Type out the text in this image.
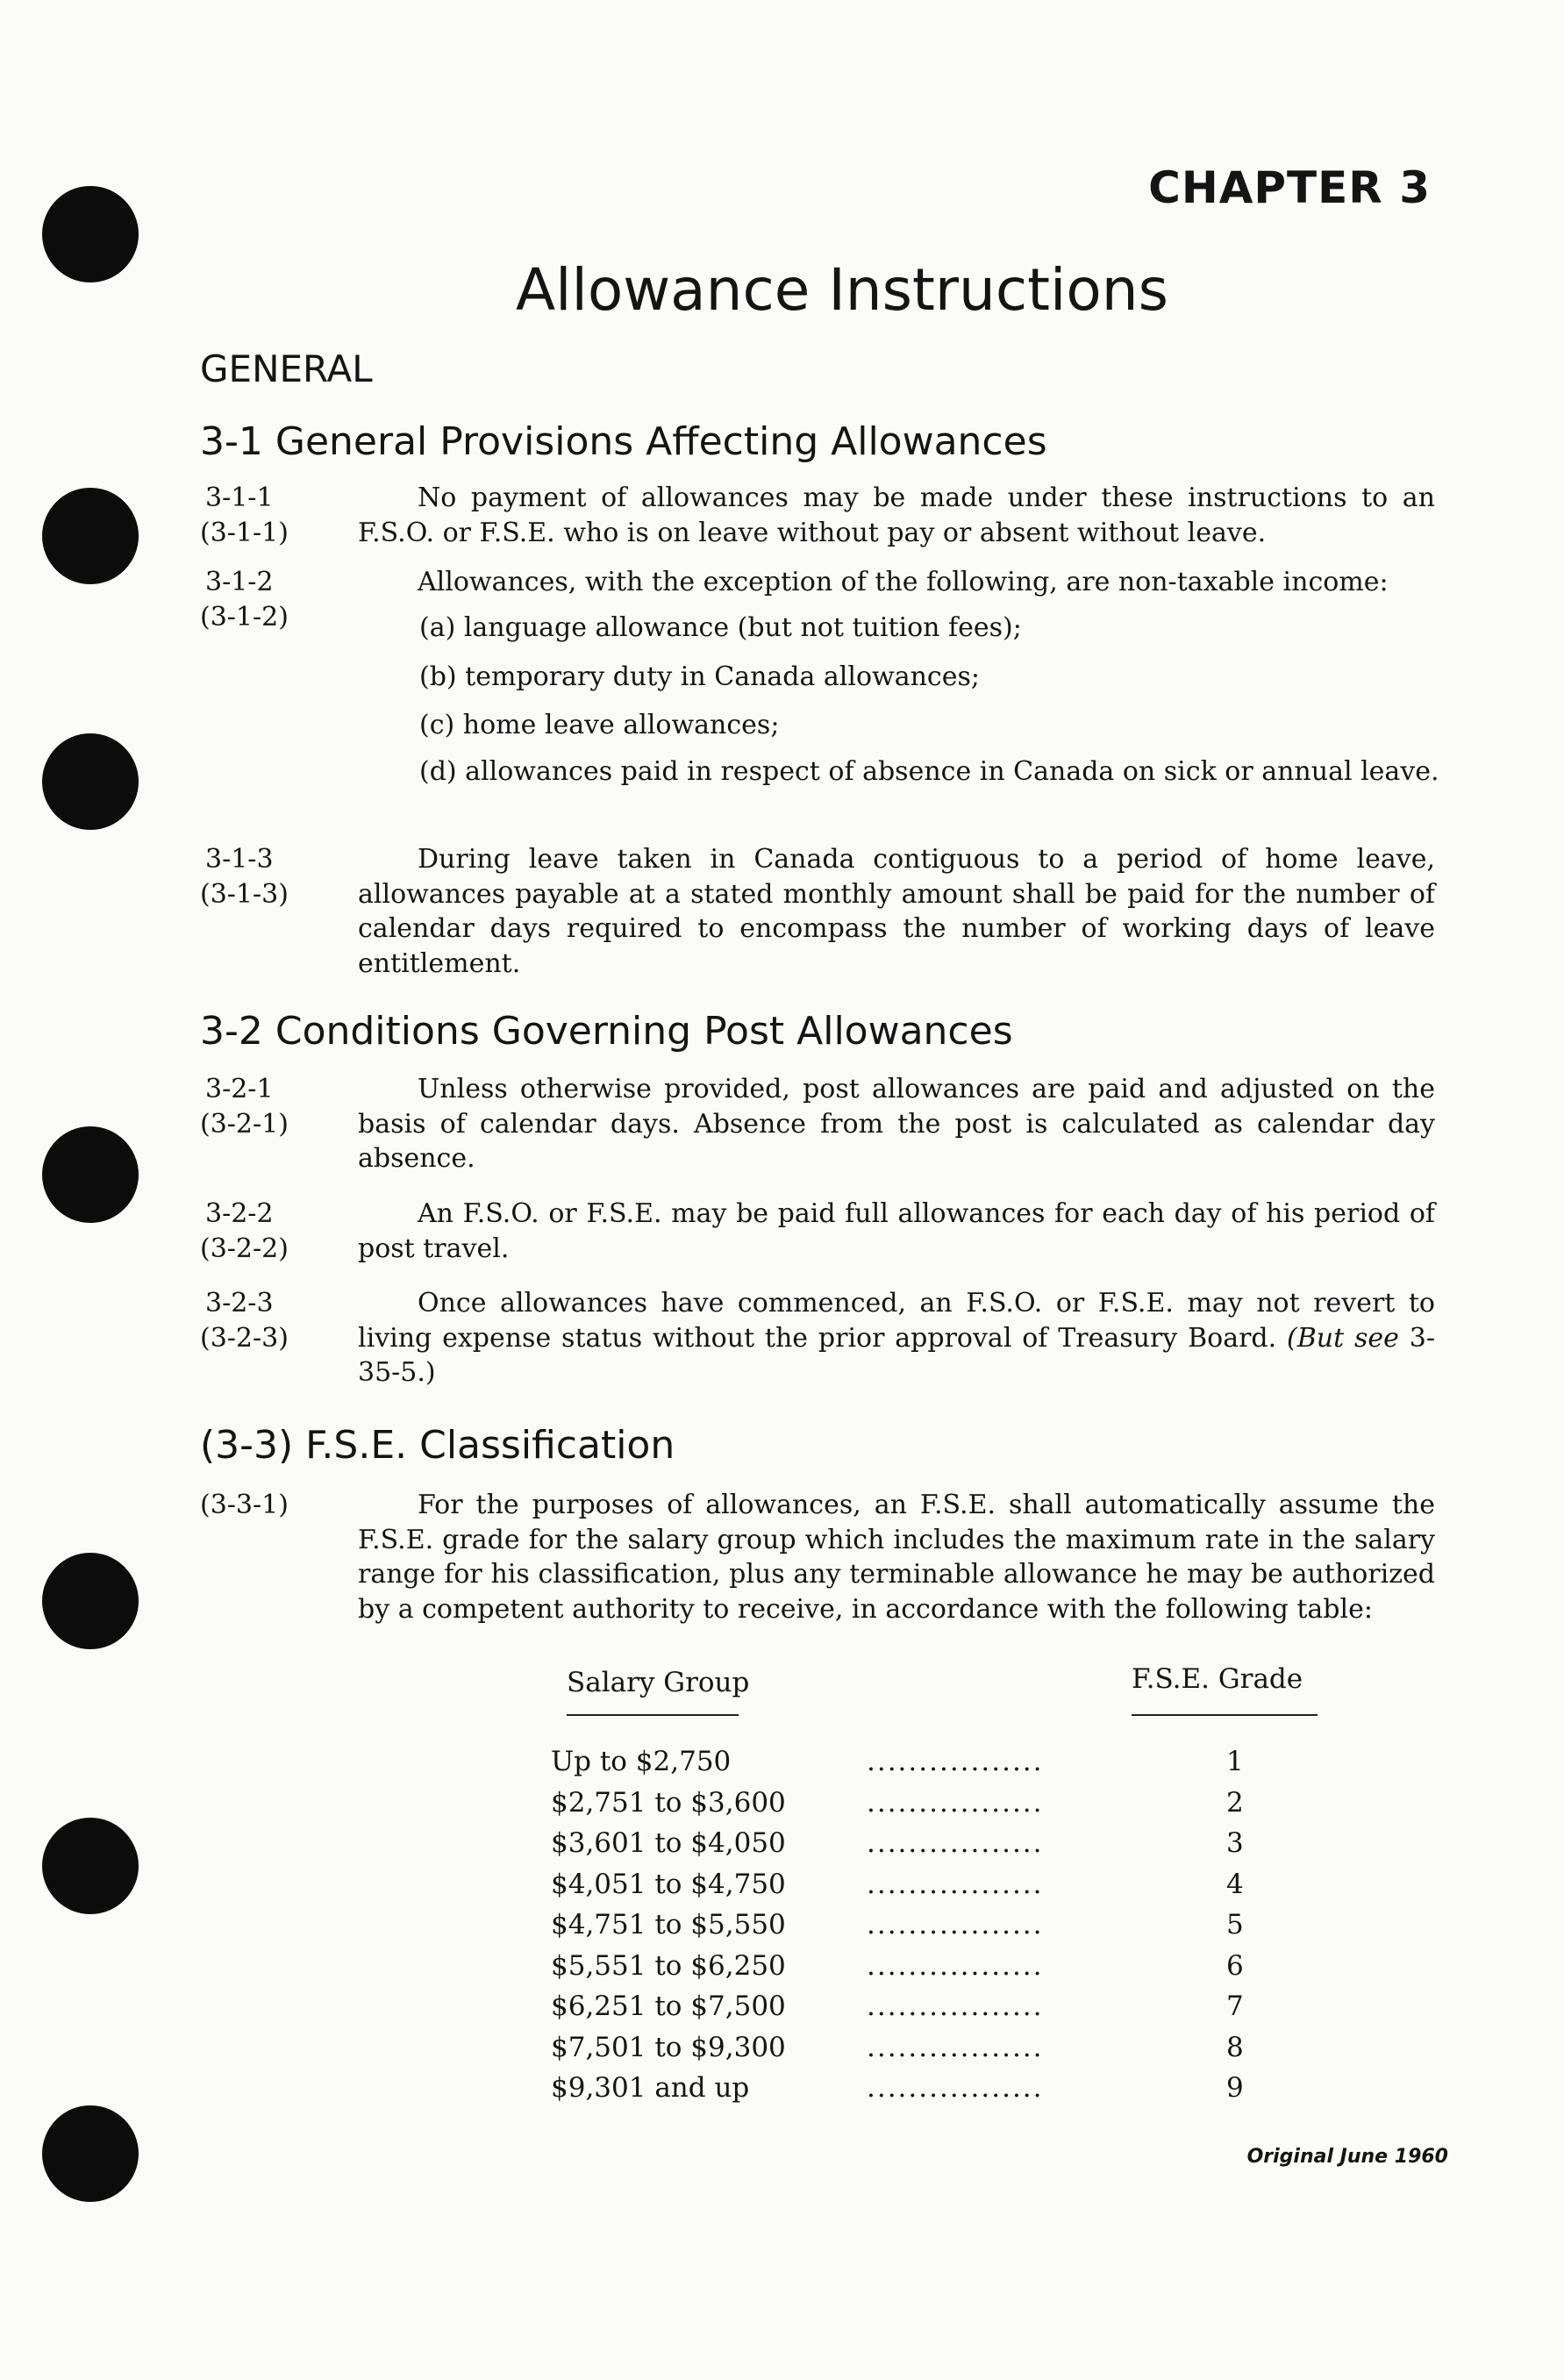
CHAPTER 3
Allowance Instructions
GENERAL
3-1 General Provisions Affecting Allowances
3-1-1
(3-1-1)
No payment of allowances may be made under these instructions to an F.S.O. or F.S.E. who is on leave without pay or absent without leave.
3-1-2
(3-1-2)
Allowances, with the exception of the following, are non-taxable income:
(a) language allowance (but not tuition fees);
(b) temporary duty in Canada allowances;
(c) home leave allowances;
(d) allowances paid in respect of absence in Canada on sick or annual leave.
3-1-3
(3-1-3)
During leave taken in Canada contiguous to a period of home leave, allowances payable at a stated monthly amount shall be paid for the number of calendar days required to encompass the number of working days of leave entitlement.
3-2 Conditions Governing Post Allowances
3-2-1
(3-2-1)
Unless otherwise provided, post allowances are paid and adjusted on the basis of calendar days. Absence from the post is calculated as calendar day absence.
3-2-2
(3-2-2)
An F.S.O. or F.S.E. may be paid full allowances for each day of his period of post travel.
3-2-3
(3-2-3)
Once allowances have commenced, an F.S.O. or F.S.E. may not revert to living expense status without the prior approval of Treasury Board. (But see 3-35-5.)
(3-3) F.S.E. Classification
(3-3-1)	For the purposes of allowances, an F.S.E. shall automatically assume the F.S.E. grade for the salary group which includes the maximum rate in the salary range for his classification, plus any terminable allowance he may be authorized by a competent authority to receive, in accordance with the following table:
Salary Group	F.S.E. Grade
Up to $2,750	.................	1
$2,751 to $3,600	.................	2
$3,601 to $4,050	.................	3
$4,051 to $4,750	.................	4
$4,751 to $5,550	.................	5
$5,551 to $6,250	.................	6
$6,251 to $7,500	.................	7
$7,501 to $9,300	.................	8
$9,301 and up	.................	9
Original June 1960
